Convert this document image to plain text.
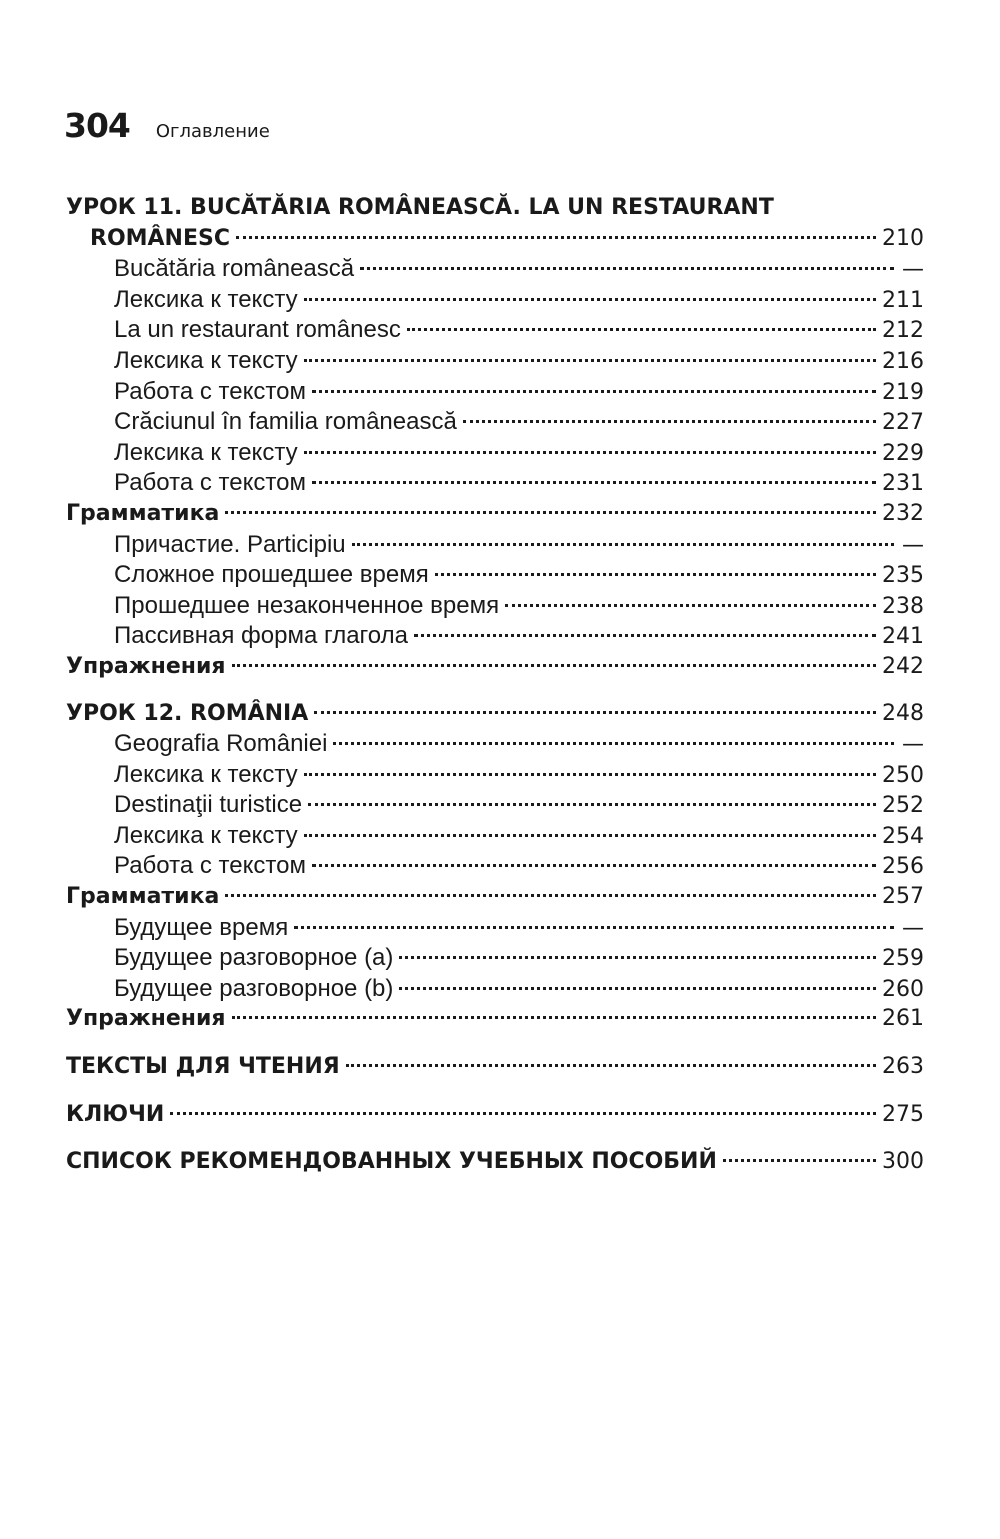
304 Оглавление
УРОК 11. BUCĂTĂRIA ROMÂNEASCĂ. LA UN RESTAURANT
ROMÂNESC	210
Bucătăria românească	—
Лексика к тексту	211
La un restaurant românesc	212
Лексика к тексту	216
Работа с текстом	219
Crăciunul în familia românească	227
Лексика к тексту	229
Работа с текстом	231
Грамматика	232
Причастие. Participiu	—
Сложное прошедшее время	235
Прошедшее незаконченное время	238
Пассивная форма глагола	241
Упражнения	242
УРОК 12. ROMÂNIA	248
Geografia României	—
Лексика к тексту	250
Destinaţii turistice	252
Лексика к тексту	254
Работа с текстом	256
Грамматика	257
Будущее время	—
Будущее разговорное (a)	259
Будущее разговорное (b)	260
Упражнения	261
ТЕКСТЫ ДЛЯ ЧТЕНИЯ	263
КЛЮЧИ	275
СПИСОК РЕКОМЕНДОВАННЫХ УЧЕБНЫХ ПОСОБИЙ	300
